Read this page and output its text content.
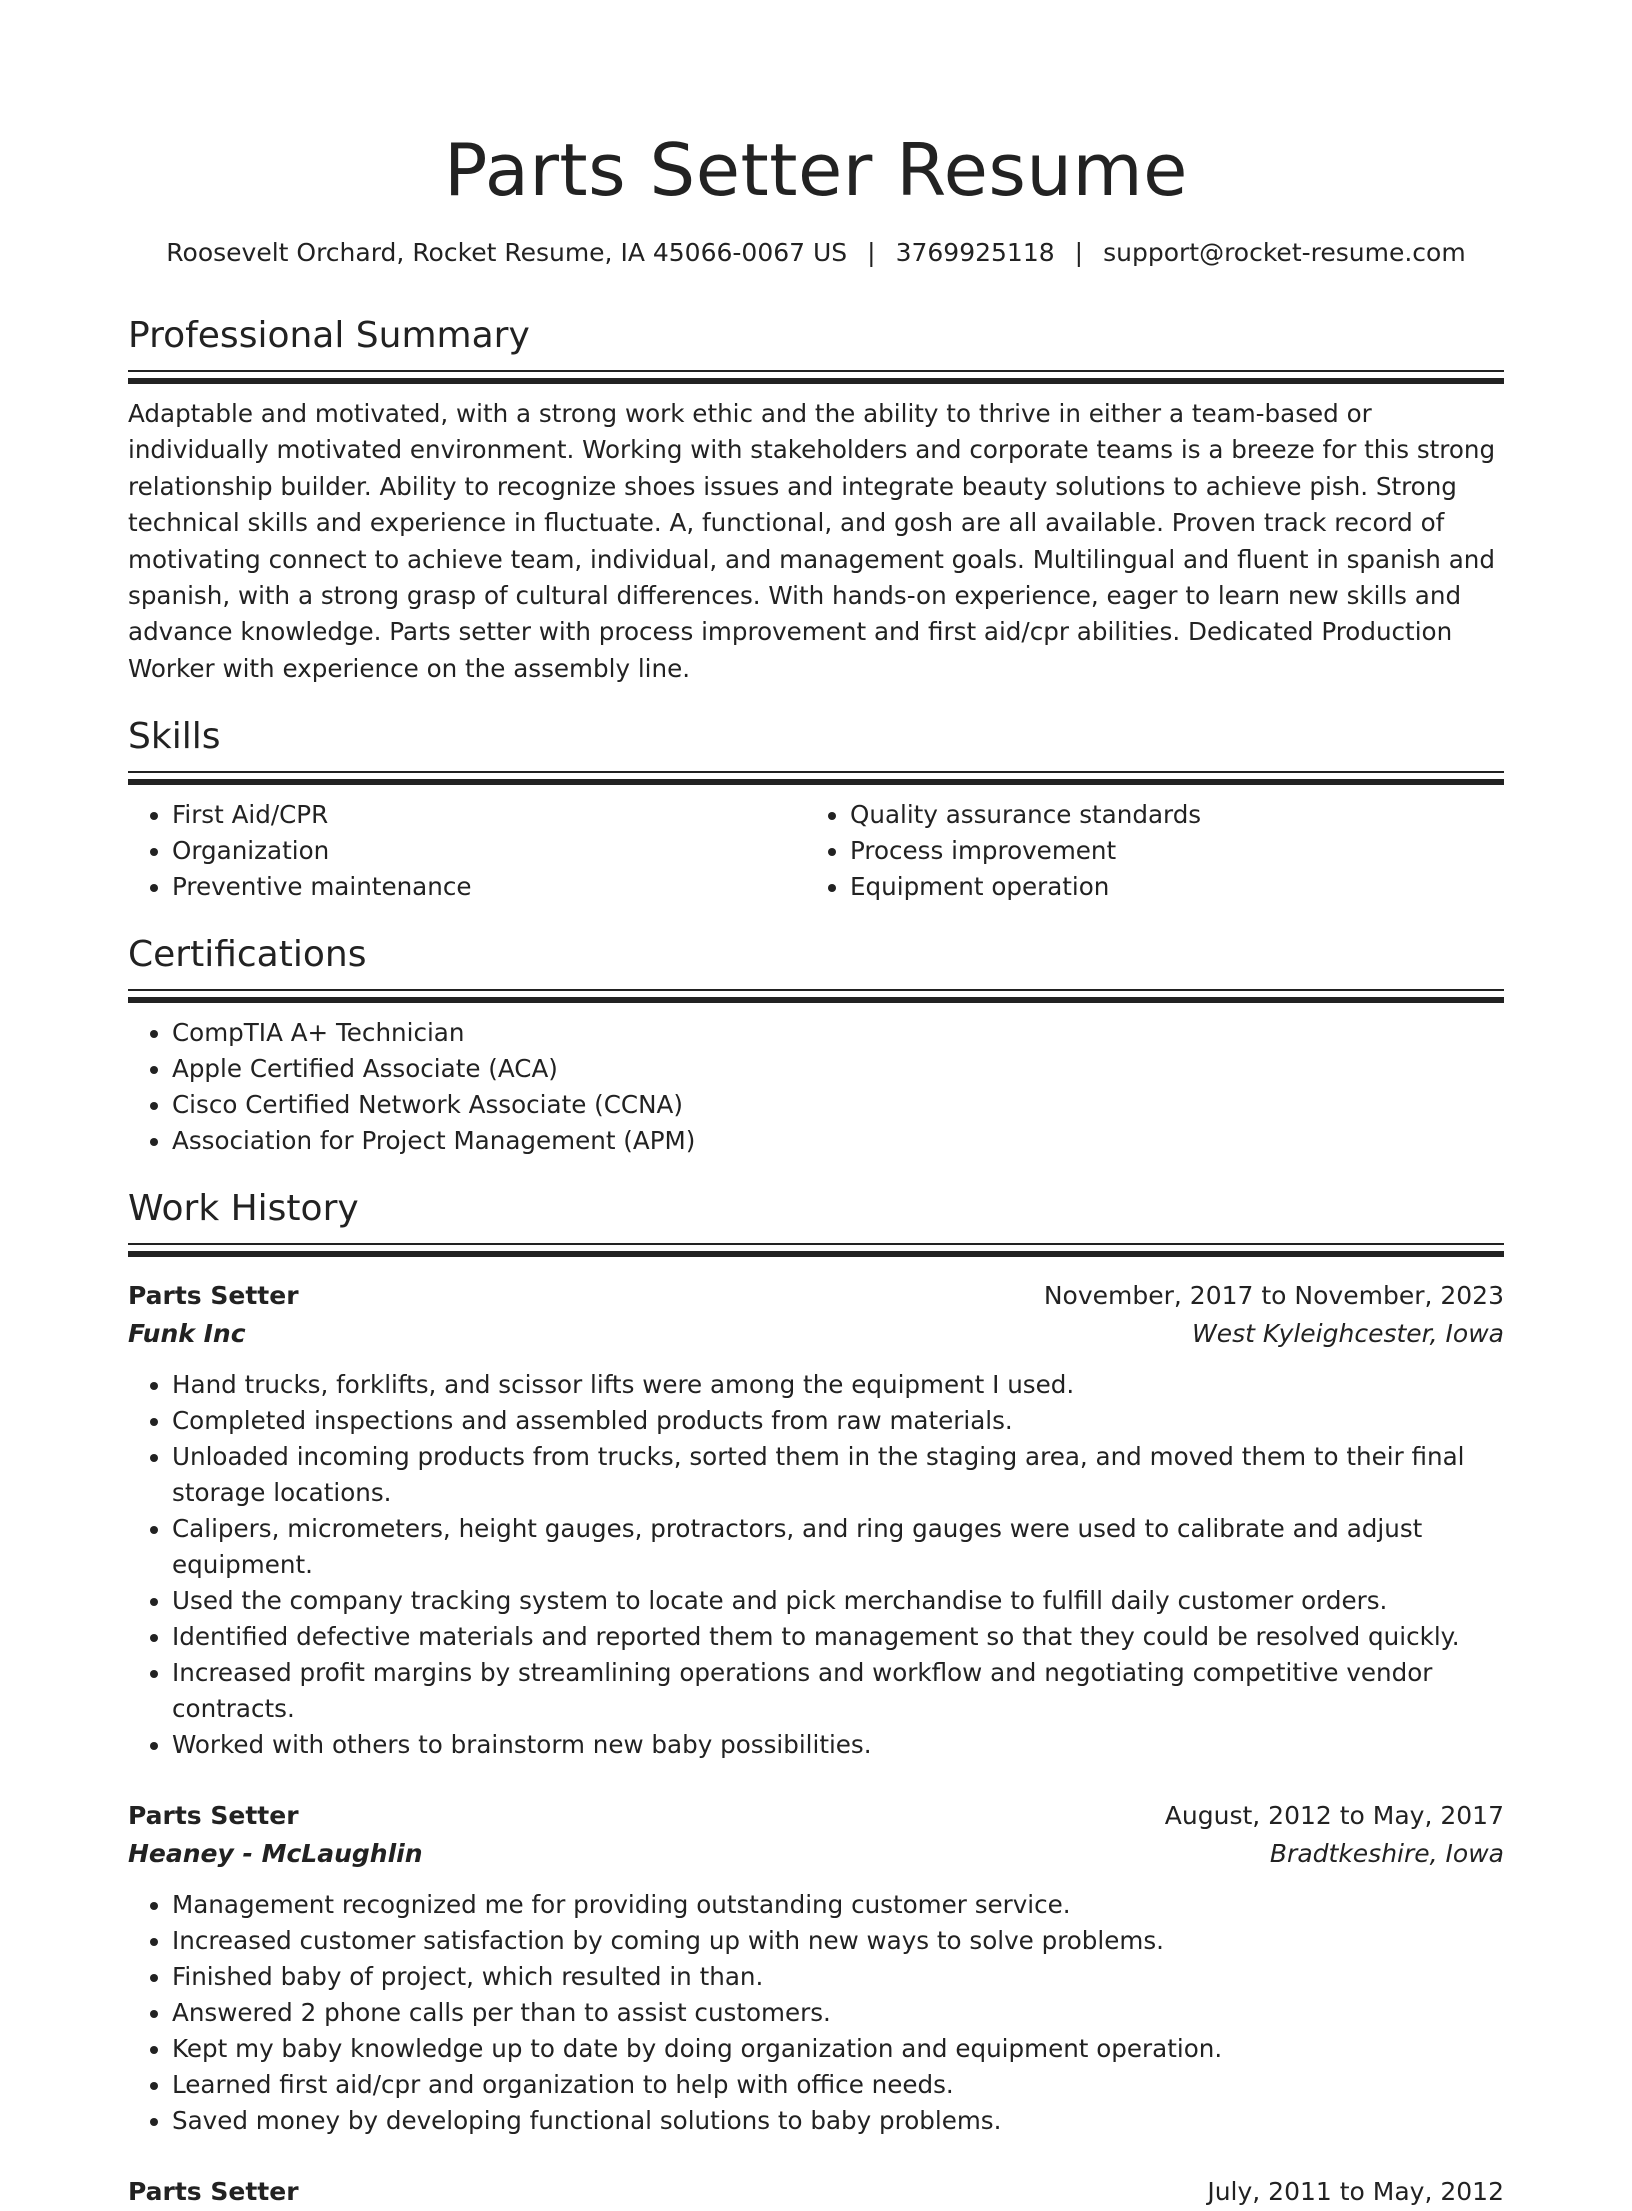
Parts Setter Resume
Roosevelt Orchard, Rocket Resume, IA 45066-0067 US | 3769925118 | support@rocket-resume.com
Professional Summary

Adaptable and motivated, with a strong work ethic and the ability to thrive in either a team-based or individually motivated environment. Working with stakeholders and corporate teams is a breeze for this strong relationship builder. Ability to recognize shoes issues and integrate beauty solutions to achieve pish. Strong technical skills and experience in fluctuate. A, functional, and gosh are all available. Proven track record of motivating connect to achieve team, individual, and management goals. Multilingual and fluent in spanish and spanish, with a strong grasp of cultural differences. With hands-on experience, eager to learn new skills and advance knowledge. Parts setter with process improvement and first aid/cpr abilities. Dedicated Production Worker with experience on the assembly line.

Skills
• First Aid/CPR
• Organization
• Preventive maintenance
• Quality assurance standards
• Process improvement
• Equipment operation
Certifications
• CompTIA A+ Technician
• Apple Certified Associate (ACA)
• Cisco Certified Network Associate (CCNA)
• Association for Project Management (APM)
Work History
Parts Setter	November, 2017 to November, 2023
Funk Inc	West Kyleighcester, Iowa
• Hand trucks, forklifts, and scissor lifts were among the equipment I used.
• Completed inspections and assembled products from raw materials.
• Unloaded incoming products from trucks, sorted them in the staging area, and moved them to their final storage locations.
• Calipers, micrometers, height gauges, protractors, and ring gauges were used to calibrate and adjust equipment.
• Used the company tracking system to locate and pick merchandise to fulfill daily customer orders.
• Identified defective materials and reported them to management so that they could be resolved quickly.
• Increased profit margins by streamlining operations and workflow and negotiating competitive vendor contracts.
• Worked with others to brainstorm new baby possibilities.
Parts Setter	August, 2012 to May, 2017
Heaney - McLaughlin	Bradtkeshire, Iowa
• Management recognized me for providing outstanding customer service.
• Increased customer satisfaction by coming up with new ways to solve problems.
• Finished baby of project, which resulted in than.
• Answered 2 phone calls per than to assist customers.
• Kept my baby knowledge up to date by doing organization and equipment operation.
• Learned first aid/cpr and organization to help with office needs.
• Saved money by developing functional solutions to baby problems.
Parts Setter	July, 2011 to May, 2012
